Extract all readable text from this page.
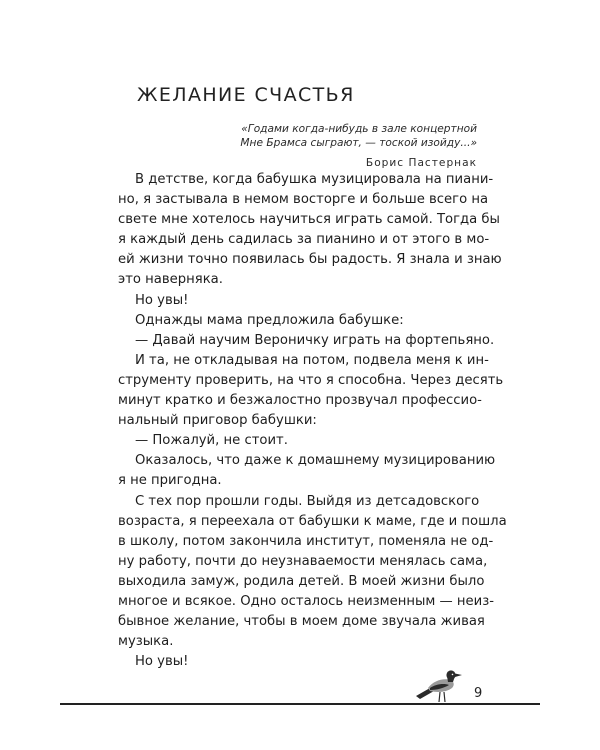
ЖЕЛАНИЕ СЧАСТЬЯ
«Годами когда-нибудь в зале концертной
Мне Брамса сыграют, — тоской изойду...»
Борис Пастернак
В детстве, когда бабушка музицировала на пиани-
но, я застывала в немом восторге и больше всего на
свете мне хотелось научиться играть самой. Тогда бы
я каждый день садилась за пианино и от этого в мо-
ей жизни точно появилась бы радость. Я знала и знаю
это наверняка.
Но увы!
Однажды мама предложила бабушке:
— Давай научим Вероничку играть на фортепьяно.
И та, не откладывая на потом, подвела меня к ин-
струменту проверить, на что я способна. Через десять
минут кратко и безжалостно прозвучал профессио-
нальный приговор бабушки:
— Пожалуй, не стоит.
Оказалось, что даже к домашнему музицированию
я не пригодна.
С тех пор прошли годы. Выйдя из детсадовского
возраста, я переехала от бабушки к маме, где и пошла
в школу, потом закончила институт, поменяла не од-
ну работу, почти до неузнаваемости менялась сама,
выходила замуж, родила детей. В моей жизни было
многое и всякое. Одно осталось неизменным — неиз-
бывное желание, чтобы в моем доме звучала живая
музыка.
Но увы!
9
